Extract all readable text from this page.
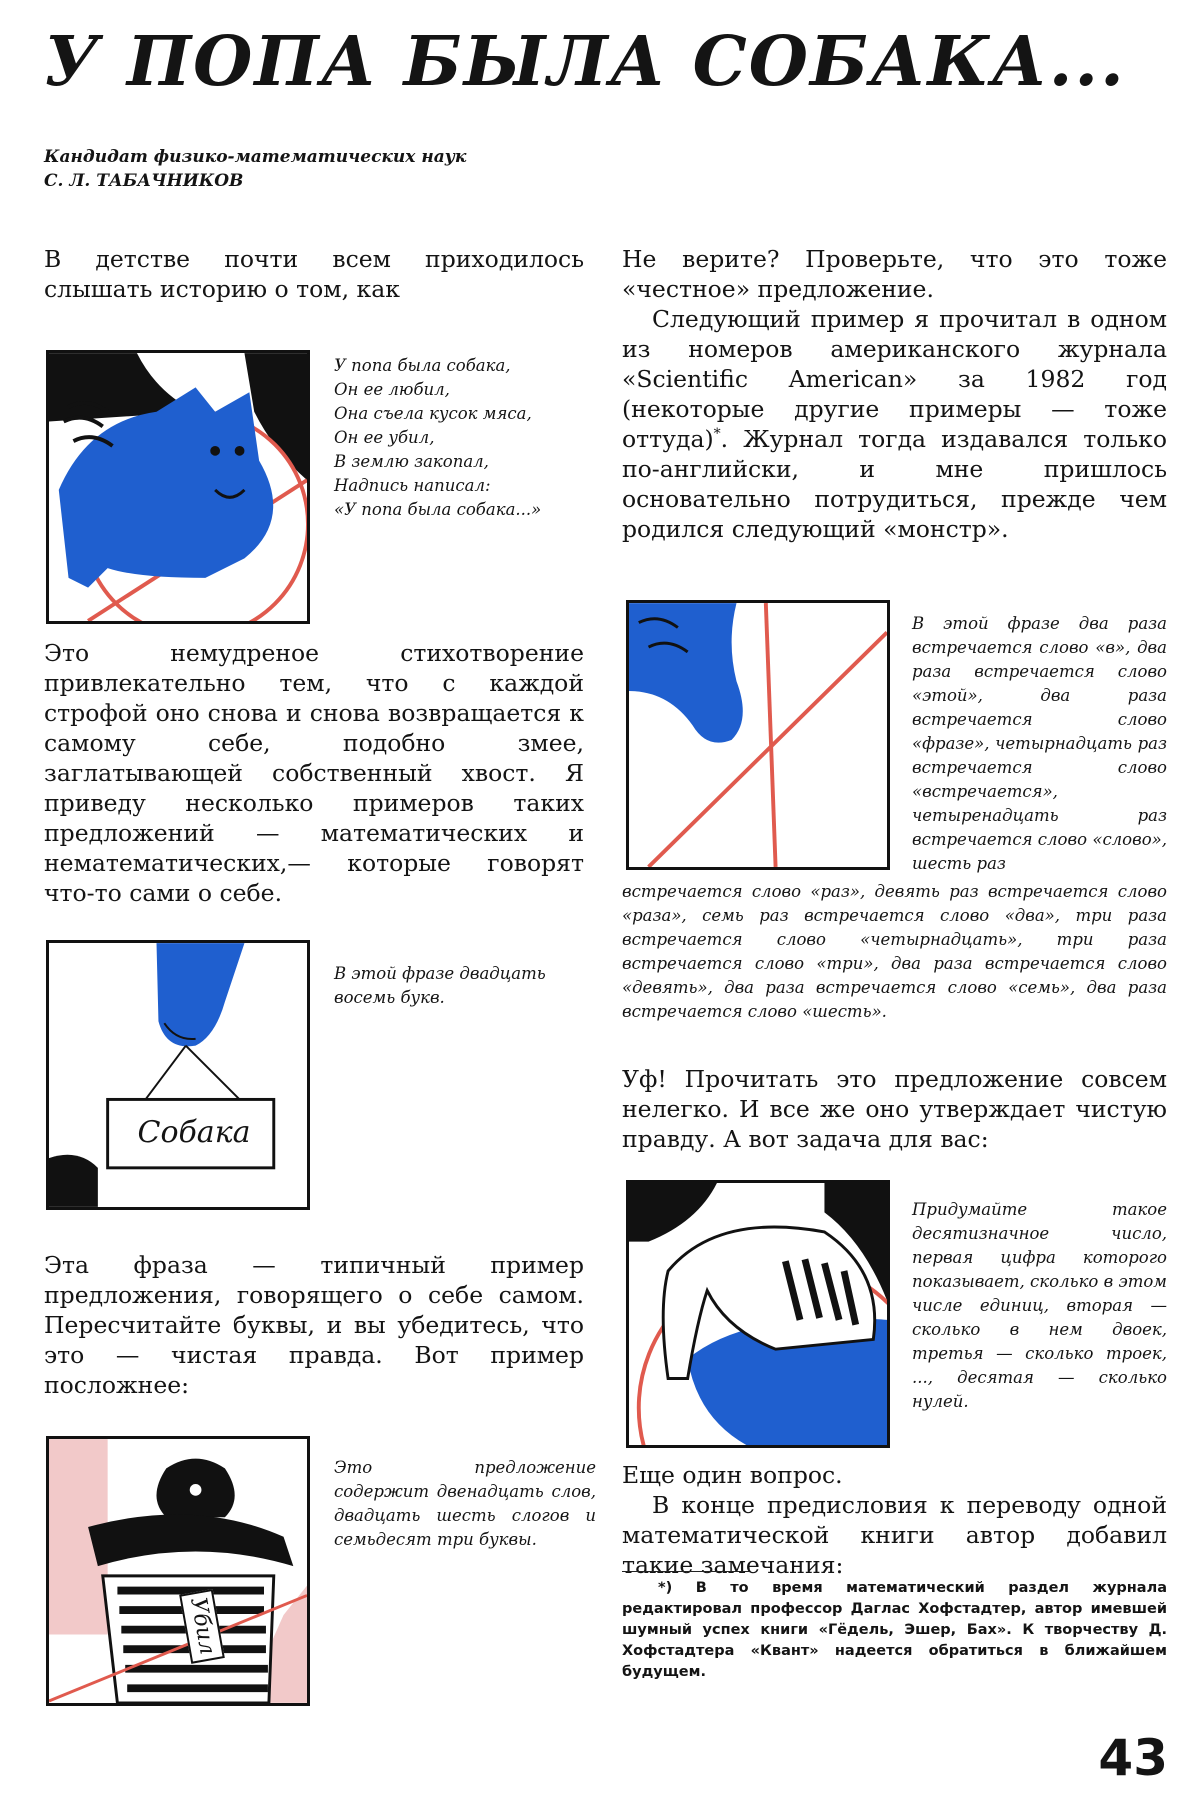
У ПОПА БЫЛА СОБАКА...
Кандидат физико-математических наук
С. Л. ТАБАЧНИКОВ

В детстве почти всем приходилось слышать историю о том, как

У попа была собака,
Он ее любил,
Она съела кусок мяса,
Он ее убил,
В землю закопал,
Надпись написал:
«У попа была собака...»

Это немудреное стихотворение привлекательно тем, что с каждой строфой оно снова и снова возвращается к самому себе, подобно змее, заглатывающей собственный хвост. Я приведу несколько примеров таких предложений — математических и нематематических,— которые говорят что-то сами о себе.

Собака

В этой фразе двадцать восемь букв.

Эта фраза — типичный пример предложения, говорящего о себе самом. Пересчитайте буквы, и вы убедитесь, что это — чистая правда. Вот пример посложнее:

Убил

Это предложение содержит двенадцать слов, двадцать шесть слогов и семьдесят три буквы.

Не верите? Проверьте, что это тоже «честное» предложение.

Следующий пример я прочитал в одном из номеров американского журнала «Scientific American» за 1982 год (некоторые другие примеры — тоже оттуда)*. Журнал тогда издавался только по-английски, и мне пришлось основательно потрудиться, прежде чем родился следующий «монстр».

В этой фразе два раза встречается слово «в», два раза встречается слово «этой», два раза встречается слово «фразе», четырнадцать раз встречается слово «встречается», четыренадцать раз встречается слово «слово», шесть раз

встречается слово «раз», девять раз встречается слово «раза», семь раз встречается слово «два», три раза встречается слово «четырнадцать», три раза встречается слово «три», два раза встречается слово «девять», два раза встречается слово «семь», два раза встречается слово «шесть».

Уф! Прочитать это предложение совсем нелегко. И все же оно утверждает чистую правду. А вот задача для вас:

Придумайте такое десятизначное число, первая цифра которого показывает, сколько в этом числе единиц, вторая — сколько в нем двоек, третья — сколько троек, ..., десятая — сколько нулей.

Еще один вопрос.

В конце предисловия к переводу одной математической книги автор добавил такие замечания:

*) В то время математический раздел журнала редактировал профессор Даглас Хофстадтер, автор имевшей шумный успех книги «Гёдель, Эшер, Бах». К творчеству Д. Хофстадтера «Квант» надеется обратиться в ближайшем будущем.

43
